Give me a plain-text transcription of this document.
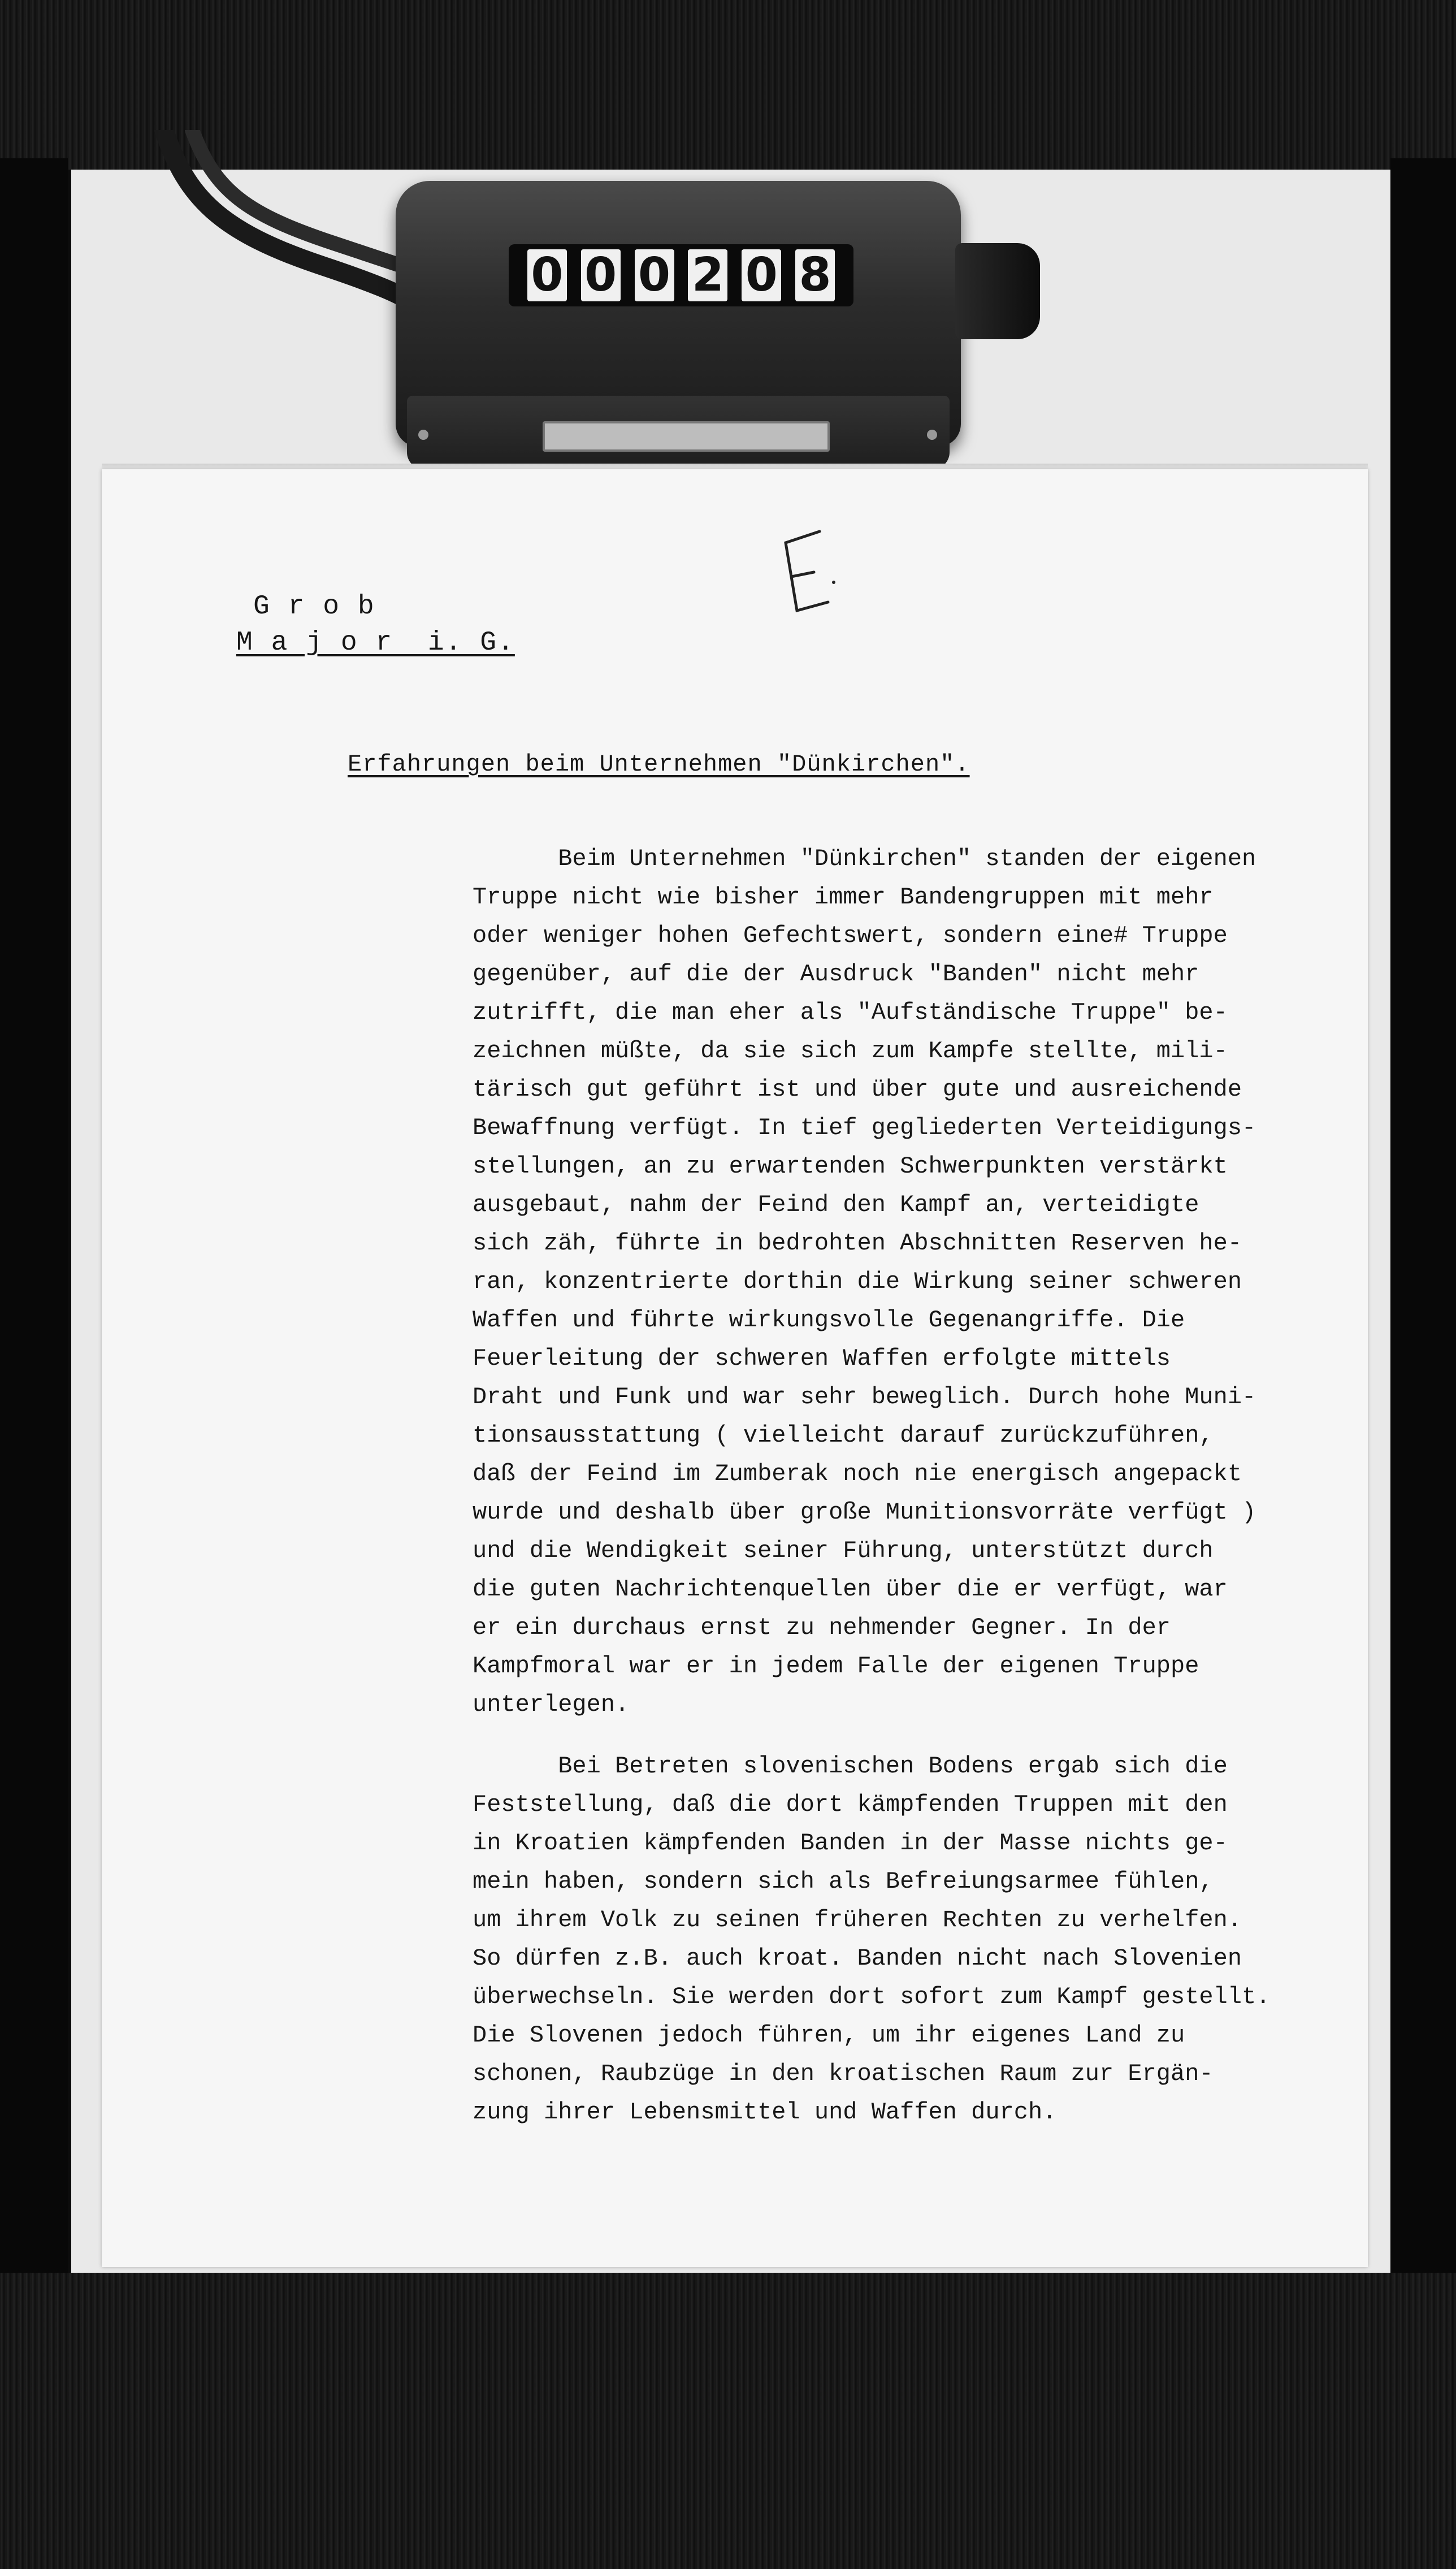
0 0 0 2 0 8
G r o b
M a j o r  i. G.
Erfahrungen beim Unternehmen "Dünkirchen".
Beim Unternehmen "Dünkirchen" standen der eigenen
Truppe nicht wie bisher immer Bandengruppen mit mehr
oder weniger hohen Gefechtswert, sondern eine# Truppe
gegenüber, auf die der Ausdruck "Banden" nicht mehr
zutrifft, die man eher als "Aufständische Truppe" be-
zeichnen müßte, da sie sich zum Kampfe stellte, mili-
tärisch gut geführt ist und über gute und ausreichende
Bewaffnung verfügt. In tief gegliederten Verteidigungs-
stellungen, an zu erwartenden Schwerpunkten verstärkt
ausgebaut, nahm der Feind den Kampf an, verteidigte
sich zäh, führte in bedrohten Abschnitten Reserven he-
ran, konzentrierte dorthin die Wirkung seiner schweren
Waffen und führte wirkungsvolle Gegenangriffe. Die
Feuerleitung der schweren Waffen erfolgte mittels
Draht und Funk und war sehr beweglich. Durch hohe Muni-
tionsausstattung ( vielleicht darauf zurückzuführen,
daß der Feind im Zumberak noch nie energisch angepackt
wurde und deshalb über große Munitionsvorräte verfügt )
und die Wendigkeit seiner Führung, unterstützt durch
die guten Nachrichtenquellen über die er verfügt, war
er ein durchaus ernst zu nehmender Gegner. In der
Kampfmoral war er in jedem Falle der eigenen Truppe
unterlegen.
Bei Betreten slovenischen Bodens ergab sich die
Feststellung, daß die dort kämpfenden Truppen mit den
in Kroatien kämpfenden Banden in der Masse nichts ge-
mein haben, sondern sich als Befreiungsarmee fühlen,
um ihrem Volk zu seinen früheren Rechten zu verhelfen.
So dürfen z.B. auch kroat. Banden nicht nach Slovenien
überwechseln. Sie werden dort sofort zum Kampf gestellt.
Die Slovenen jedoch führen, um ihr eigenes Land zu
schonen, Raubzüge in den kroatischen Raum zur Ergän-
zung ihrer Lebensmittel und Waffen durch.
